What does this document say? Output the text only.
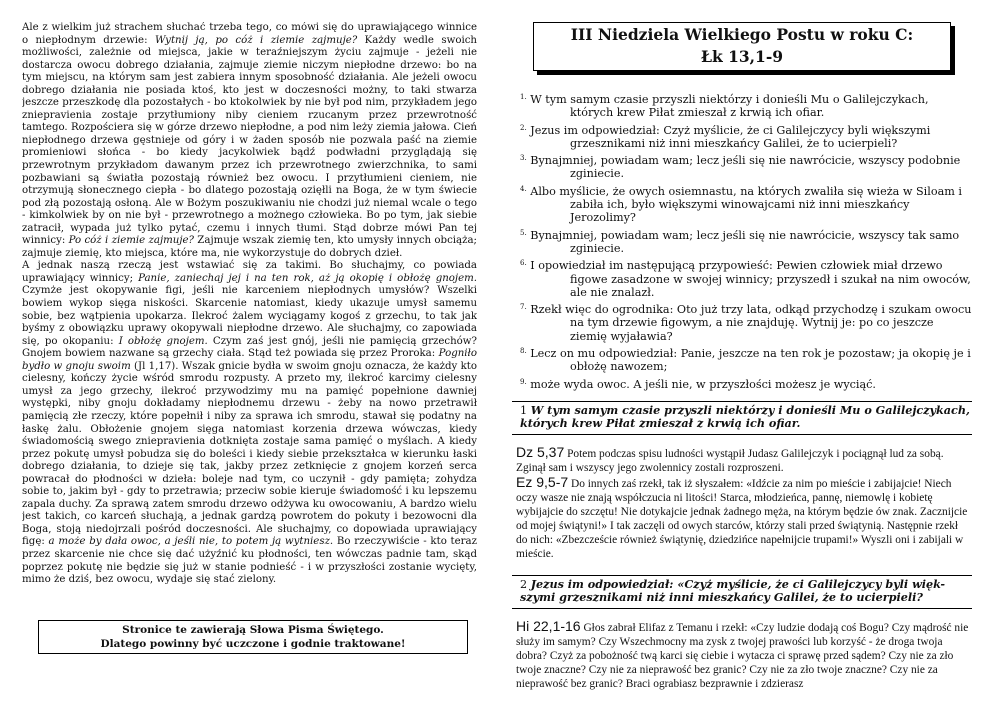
Ale z wielkim już strachem słuchać trzeba tego, co mówi się do uprawiającego winnice o niepłodnym drzewie: Wytnij ją, po cóż i ziemie zajmuje? Każdy wedle swoich możliwości, zależnie od miejsca, jakie w teraźniejszym życiu zajmuje - jeżeli nie dostarcza owocu dobrego działania, zajmuje ziemie niczym niepłodne drzewo: bo na tym miejscu, na którym sam jest zabiera innym sposobność działania. Ale jeżeli owocu dobrego działania nie posiada ktoś, kto jest w doczesności możny, to taki stwarza jeszcze przeszkodę dla pozostałych - bo ktokolwiek by nie był pod nim, przykładem jego zniepravienia zostaje przytłumiony niby cieniem rzucanym przez przewrotność tamtego. Rozpościera się w górze drzewo niepłodne, a pod nim leży ziemia jałowa. Cień niepłodnego drzewa gęstnieje od góry i w żaden sposób nie pozwala paść na ziemie promieniowi słońca - bo kiedy jacykolwiek bądź podwładni przyglądają się przewrotnym przykładom dawanym przez ich przewrotnego zwierzchnika, to sami pozbawiani są światła pozostają również bez owocu. I przytłumieni cieniem, nie otrzymują słonecznego ciepła - bo dlatego pozostają ozięłli na Boga, że w tym świecie pod złą pozostają osłoną. Ale w Bożym poszukiwaniu nie chodzi już niemal wcale o tego - kimkolwiek by on nie był - przewrotnego a możnego człowieka. Bo po tym, jak siebie zatracił, wypada już tylko pytać, czemu i innych tłumi. Stąd dobrze mówi Pan tej winnicy: Po cóż i ziemie zajmuje? Zajmuje wszak ziemię ten, kto umysły innych obciąża; zajmuje ziemię, kto miejsca, które ma, nie wykorzystuje do dobrych dzieł.

A jednak naszą rzeczą jest wstawiać się za takimi. Bo słuchajmy, co powiada uprawiający winnicy; Panie, zaniechaj jej i na ten rok, aż ją okopię i obłożę gnojem. Czymże jest okopywanie figi, jeśli nie karceniem niepłodnych umysłów? Wszelki bowiem wykop sięga niskości. Skarcenie natomiast, kiedy ukazuje umysł samemu sobie, bez wątpienia upokarza. Ilekroć żalem wyciągamy kogoś z grzechu, to tak jak byśmy z obowiązku uprawy okopywali niepłodne drzewo. Ale słuchajmy, co zapowiada się, po okopaniu: I obłożę gnojem. Czym zaś jest gnój, jeśli nie pamięcią grzechów? Gnojem bowiem nazwane są grzechy ciała. Stąd też powiada się przez Proroka: Pogniło bydło w gnoju swoim (Jl 1,17). Wszak gnicie bydła w swoim gnoju oznacza, że każdy kto cielesny, kończy życie wśród smrodu rozpusty. A przeto my, ilekroć karcimy cielesny umysł za jego grzechy, ilekroć przywodzimy mu na pamięć popełnione dawniej występki, niby gnoju dokładamy niepłodnemu drzewu - żeby na nowo przetrawił pamięcią złe rzeczy, które popełnił i niby za sprawa ich smrodu, stawał się podatny na łaskę żalu. Obłożenie gnojem sięga natomiast korzenia drzewa wówczas, kiedy świadomością swego zniepravienia dotknięta zostaje sama pamięć o myślach. A kiedy przez pokutę umysł pobudza się do boleści i kiedy siebie przekształca w kierunku łaski dobrego działania, to dzieje się tak, jakby przez zetknięcie z gnojem korzeń serca powracał do płodności w dzieła: boleje nad tym, co uczynił - gdy pamięta; zohydza sobie to, jakim był - gdy to przetrawia; przeciw sobie kieruje świadomość i ku lepszemu zapala duchy. Za sprawą zatem smrodu drzewo odżywa ku owocowaniu, A bardzo wielu jest takich, co karceń słuchają, a jednak gardzą powrotem do pokuty i bezowocni dla Boga, stoją niedojrzali pośród doczesności. Ale słuchajmy, co dopowiada uprawiający figę: a może by dała owoc, a jeśli nie, to potem ją wytniesz. Bo rzeczywiście - kto teraz przez skarcenie nie chce się dać użyźnić ku płodności, ten wówczas padnie tam, skąd poprzez pokutę nie będzie się już w stanie podnieść - i w przyszłości zostanie wycięty, mimo że dziś, bez owocu, wydaje się stać zielony.

Stronice te zawierają Słowa Pisma Świętego.
Dlatego powinny być uczczone i godnie traktowane!
III Niedziela Wielkiego Postu w roku C:
Łk 13,1-9
$^{1.}$ W tym samym czasie przyszli niektórzy i donieśli Mu o Galilejczykach, których krew Piłat zmieszał z krwią ich ofiar.
$^{2.}$ Jezus im odpowiedział: Czyż myślicie, że ci Galilejczycy byli większymi grzesznikami niż inni mieszkańcy Galilei, że to ucierpieli?
$^{3.}$ Bynajmniej, powiadam wam; lecz jeśli się nie nawrócicie, wszyscy podobnie zginiecie.
$^{4.}$ Albo myślicie, że owych osiemnastu, na których zwaliła się wieża w Siloam i zabiła ich, było większymi winowajcami niż inni mieszkańcy Jerozolimy?
$^{5.}$ Bynajmniej, powiadam wam; lecz jeśli się nie nawrócicie, wszyscy tak samo zginiecie.
$^{6.}$ I opowiedział im następującą przypowieść: Pewien człowiek miał drzewo figowe zasadzone w swojej winnicy; przyszedł i szukał na nim owoców, ale nie znalazł.
$^{7.}$ Rzekł więc do ogrodnika: Oto już trzy lata, odkąd przychodzę i szukam owocu na tym drzewie figowym, a nie znajduję. Wytnij je: po co jeszcze ziemię wyjaławia?
$^{8.}$ Lecz on mu odpowiedział: Panie, jeszcze na ten rok je pozostaw; ja okopię je i obłożę nawozem;
$^{9.}$ może wyda owoc. A jeśli nie, w przyszłości możesz je wyciąć.
1 W tym samym czasie przyszli niektórzy i donieśli Mu o Galilejczykach, których krew Piłat zmieszał z krwią ich ofiar.

Dz 5,37 Potem podczas spisu ludności wystąpił Judasz Galilejczyk i pociągnął lud za sobą. Zginął sam i wszyscy jego zwolennicy zostali rozproszeni.

Ez 9,5-7 Do innych zaś rzekł, tak iż słyszałem: «Idźcie za nim po mieście i zabijajcie! Niech oczy wasze nie znają współczucia ni litości! Starca, młodzieńca, pannę, niemowlę i kobietę wybijajcie do szczętu! Nie dotykajcie jednak żadnego męża, na którym będzie ów znak. Zacznijcie od mojej świątyni!» I tak zaczęli od owych starców, którzy stali przed świątynią. Następnie rzekł do nich: «Zbezczeście również świątynię, dziedzińce napełnijcie trupami!» Wyszli oni i zabijali w mieście.

2 Jezus im odpowiedział: «Czyż myślicie, że ci Galilejczycy byli więk- szymi grzesznikami niż inni mieszkańcy Galilei, że to ucierpieli?

Hi 22,1-16 Głos zabrał Elifaz z Temanu i rzekł: «Czy ludzie dodają coś Bogu? Czy mądrość nie służy im samym? Czy Wszechmocny ma zysk z twojej prawości lub korzyść - że droga twoja dobra? Czyż za pobożność twą karci się ciebie i wytacza ci sprawę przed sądem? Czy nie za zło twoje znaczne? Czy nie za nieprawość bez granic? Czy nie za zło twoje znaczne? Czy nie za nieprawość bez granic? Braci ograbiasz bezprawnie i zdzierasz
